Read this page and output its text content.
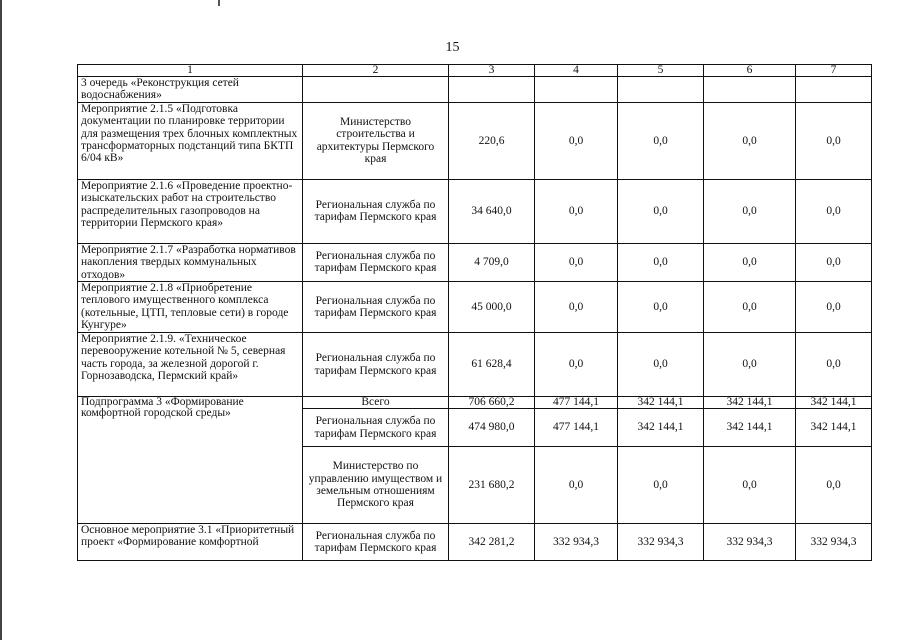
15
1	2	3	4	5	6	7
3 очередь «Реконструкция сетей водоснабжения»						
Мероприятие 2.1.5 «Подготовка документации по планировке территории для размещения трех блочных комплектных трансформаторных подстанций типа БКТП 6/04 кВ»	Министерство строительства и архитектуры Пермского края	220,6	0,0	0,0	0,0	0,0
Мероприятие 2.1.6 «Проведение проектно-изыскательских работ на строительство распределительных газопроводов на территории Пермского края»	Региональная служба по тарифам Пермского края	34 640,0	0,0	0,0	0,0	0,0
Мероприятие 2.1.7 «Разработка нормативов накопления твердых коммунальных отходов»	Региональная служба по тарифам Пермского края	4 709,0	0,0	0,0	0,0	0,0
Мероприятие 2.1.8 «Приобретение теплового имущественного комплекса (котельные, ЦТП, тепловые сети) в городе Кунгуре»	Региональная служба по тарифам Пермского края	45 000,0	0,0	0,0	0,0	0,0
Мероприятие 2.1.9. «Техническое перевооружение котельной № 5, северная часть города, за железной дорогой г. Горнозаводска, Пермский край»	Региональная служба по тарифам Пермского края	61 628,4	0,0	0,0	0,0	0,0
Подпрограмма 3 «Формирование комфортной городской среды»	Всего	706 660,2	477 144,1	342 144,1	342 144,1	342 144,1
	Региональная служба по тарифам Пермского края	474 980,0	477 144,1	342 144,1	342 144,1	342 144,1
	Министерство по управлению имуществом и земельным отношениям Пермского края	231 680,2	0,0	0,0	0,0	0,0
Основное мероприятие 3.1 «Приоритетный проект «Формирование комфортной	Региональная служба по тарифам Пермского края	342 281,2	332 934,3	332 934,3	332 934,3	332 934,3
